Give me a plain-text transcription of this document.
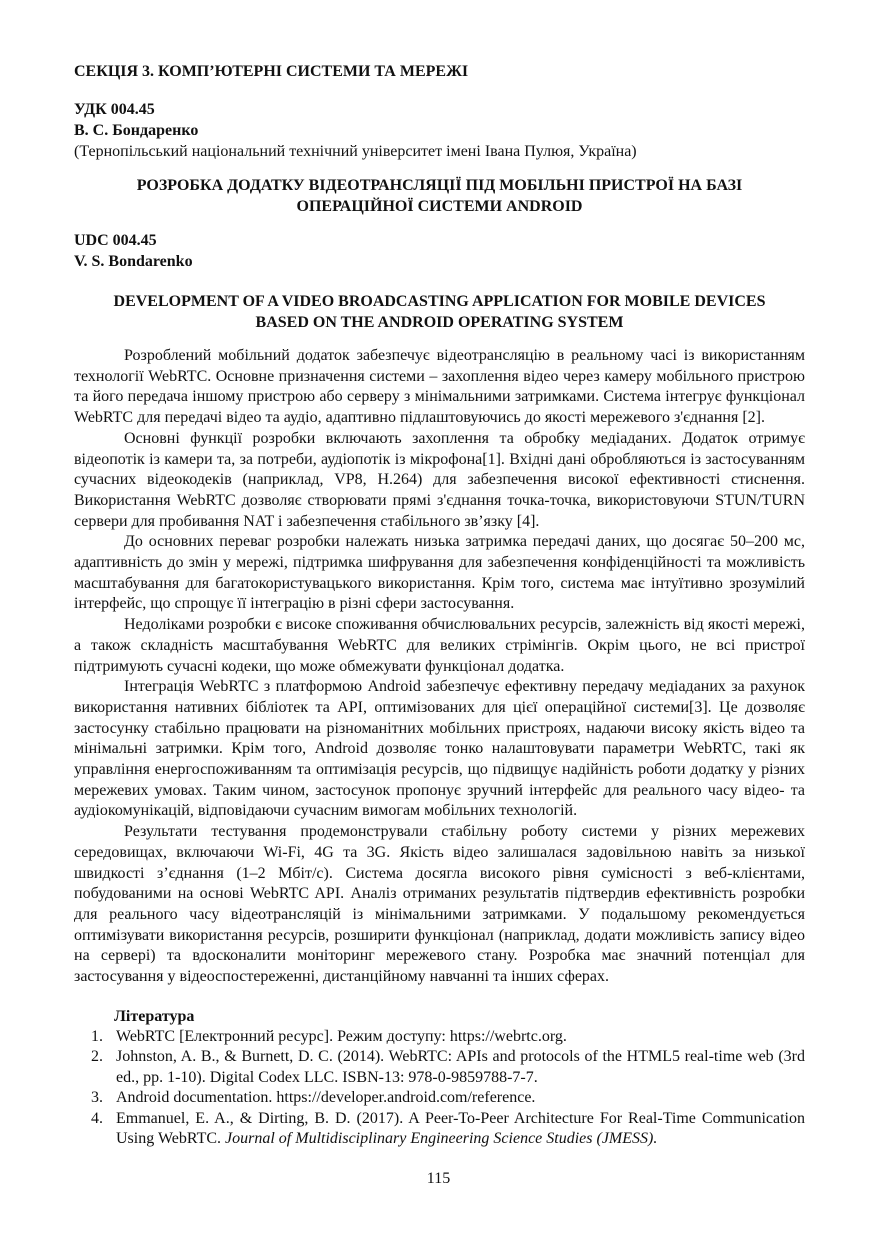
СЕКЦІЯ 3. КОМП’ЮТЕРНІ СИСТЕМИ ТА МЕРЕЖІ

УДК 004.45

В. С. Бондаренко

(Тернопільський національний технічний університет імені Івана Пулюя, Україна)

РОЗРОБКА ДОДАТКУ ВІДЕОТРАНСЛЯЦІЇ ПІД МОБІЛЬНІ ПРИСТРОЇ НА БАЗІ
ОПЕРАЦІЙНОЇ СИСТЕМИ ANDROID

UDC 004.45

V. S. Bondarenko

DEVELOPMENT OF A VIDEO BROADCASTING APPLICATION FOR MOBILE DEVICES
BASED ON THE ANDROID OPERATING SYSTEM

Розроблений мобільний додаток забезпечує відеотрансляцію в реальному часі із використанням технології WebRTC. Основне призначення системи – захоплення відео через камеру мобільного пристрою та його передача іншому пристрою або серверу з мінімальними затримками. Система інтегрує функціонал WebRTC для передачі відео та аудіо, адаптивно підлаштовуючись до якості мережевого з'єднання [2].

Основні функції розробки включають захоплення та обробку медіаданих. Додаток отримує відеопотік із камери та, за потреби, аудіопотік із мікрофона[1]. Вхідні дані обробляються із застосуванням сучасних відеокодеків (наприклад, VP8, H.264) для забезпечення високої ефективності стиснення. Використання WebRTC дозволяє створювати прямі з'єднання точка-точка, використовуючи STUN/TURN сервери для пробивання NAT і забезпечення стабільного зв’язку [4].

До основних переваг розробки належать низька затримка передачі даних, що досягає 50–200 мс, адаптивність до змін у мережі, підтримка шифрування для забезпечення конфіденційності та можливість масштабування для багатокористувацького використання. Крім того, система має інтуїтивно зрозумілий інтерфейс, що спрощує її інтеграцію в різні сфери застосування.

Недоліками розробки є високе споживання обчислювальних ресурсів, залежність від якості мережі, а також складність масштабування WebRTC для великих стрімінгів. Окрім цього, не всі пристрої підтримують сучасні кодеки, що може обмежувати функціонал додатка.

Інтеграція WebRTC з платформою Android забезпечує ефективну передачу медіаданих за рахунок використання нативних бібліотек та API, оптимізованих для цієї операційної системи[3]. Це дозволяє застосунку стабільно працювати на різноманітних мобільних пристроях, надаючи високу якість відео та мінімальні затримки. Крім того, Android дозволяє тонко налаштовувати параметри WebRTC, такі як управління енергоспоживанням та оптимізація ресурсів, що підвищує надійність роботи додатку у різних мережевих умовах. Таким чином, застосунок пропонує зручний інтерфейс для реального часу відео- та аудіокомунікацій, відповідаючи сучасним вимогам мобільних технологій.

Результати тестування продемонстрували стабільну роботу системи у різних мережевих середовищах, включаючи Wi-Fi, 4G та 3G. Якість відео залишалася задовільною навіть за низької швидкості з’єднання (1–2 Мбіт/с). Система досягла високого рівня сумісності з веб-клієнтами, побудованими на основі WebRTC API. Аналіз отриманих результатів підтвердив ефективність розробки для реального часу відеотрансляцій із мінімальними затримками. У подальшому рекомендується оптимізувати використання ресурсів, розширити функціонал (наприклад, додати можливість запису відео на сервері) та вдосконалити моніторинг мережевого стану. Розробка має значний потенціал для застосування у відеоспостереженні, дистанційному навчанні та інших сферах.

Література

1. WebRTC [Електронний ресурс]. Режим доступу: https://webrtc.org.
2. Johnston, A. B., & Burnett, D. C. (2014). WebRTC: APIs and protocols of the HTML5 real-time web (3rd ed., pp. 1-10). Digital Codex LLC. ISBN-13: 978-0-9859788-7-7.
3. Android documentation. https://developer.android.com/reference.
4. Emmanuel, E. A., & Dirting, B. D. (2017). A Peer-To-Peer Architecture For Real-Time Communication Using WebRTC. Journal of Multidisciplinary Engineering Science Studies (JMESS).
115
